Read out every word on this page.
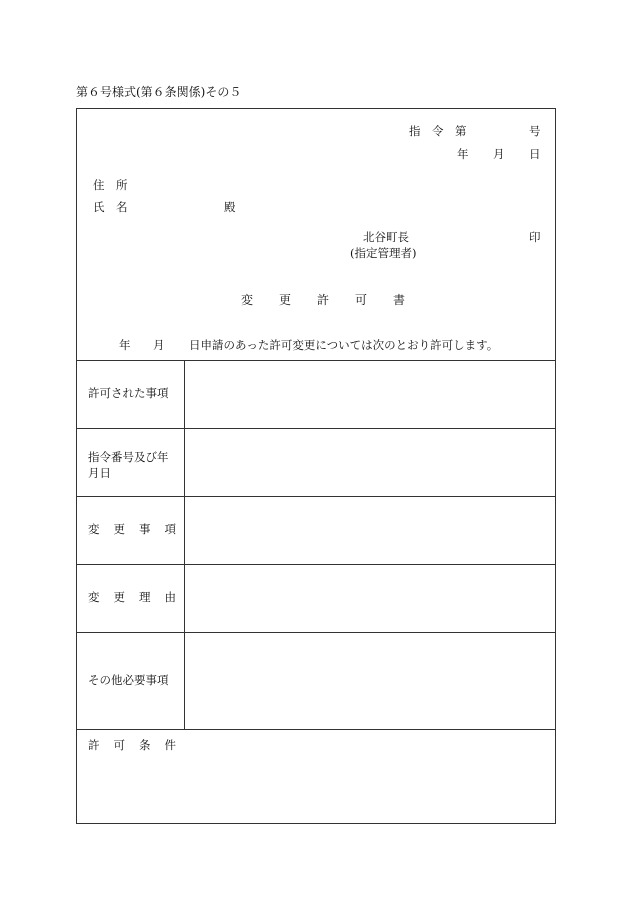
第６号様式(第６条関係)その５
指　令　第	号
年 月 日
住　所
氏　名	殿
北谷町長	印
(指定管理者)
変更許可書
年 月 日申請のあった許可変更については次のとおり許可します。
許可された事項
指令番号及び年月日
変更事項
変更理由
その他必要事項
許可条件
